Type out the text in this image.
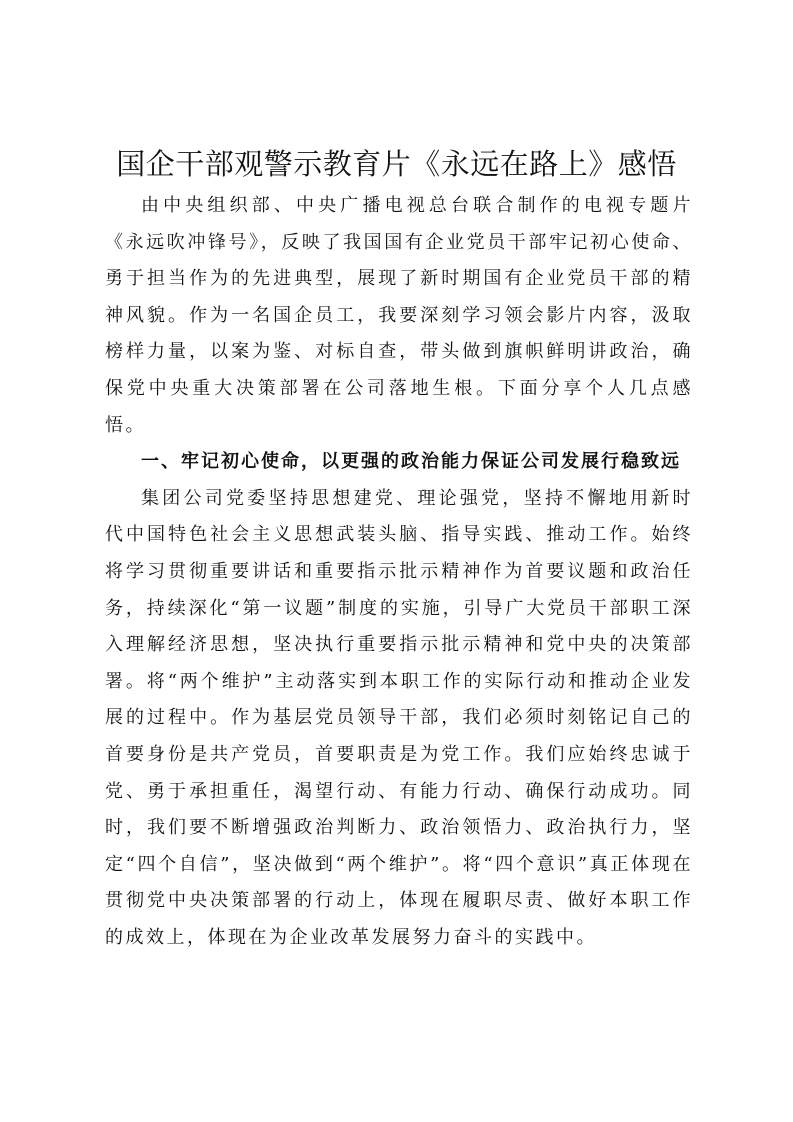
国企干部观警示教育片《永远在路上》感悟

由中央组织部、中央广播电视总台联合制作的电视专题片《永远吹冲锋号》，反映了我国国有企业党员干部牢记初心使命、勇于担当作为的先进典型，展现了新时期国有企业党员干部的精神风貌。作为一名国企员工，我要深刻学习领会影片内容，汲取榜样力量，以案为鉴、对标自查，带头做到旗帜鲜明讲政治，确保党中央重大决策部署在公司落地生根。下面分享个人几点感悟。

一、牢记初心使命，以更强的政治能力保证公司发展行稳致远

集团公司党委坚持思想建党、理论强党，坚持不懈地用新时代中国特色社会主义思想武装头脑、指导实践、推动工作。始终将学习贯彻重要讲话和重要指示批示精神作为首要议题和政治任务，持续深化“第一议题”制度的实施，引导广大党员干部职工深入理解经济思想，坚决执行重要指示批示精神和党中央的决策部署。将“两个维护”主动落实到本职工作的实际行动和推动企业发展的过程中。作为基层党员领导干部，我们必须时刻铭记自己的首要身份是共产党员，首要职责是为党工作。我们应始终忠诚于党、勇于承担重任，渴望行动、有能力行动、确保行动成功。同时，我们要不断增强政治判断力、政治领悟力、政治执行力，坚定“四个自信”，坚决做到“两个维护”。将“四个意识”真正体现在贯彻党中央决策部署的行动上，体现在履职尽责、做好本职工作的成效上，体现在为企业改革发展努力奋斗的实践中。
